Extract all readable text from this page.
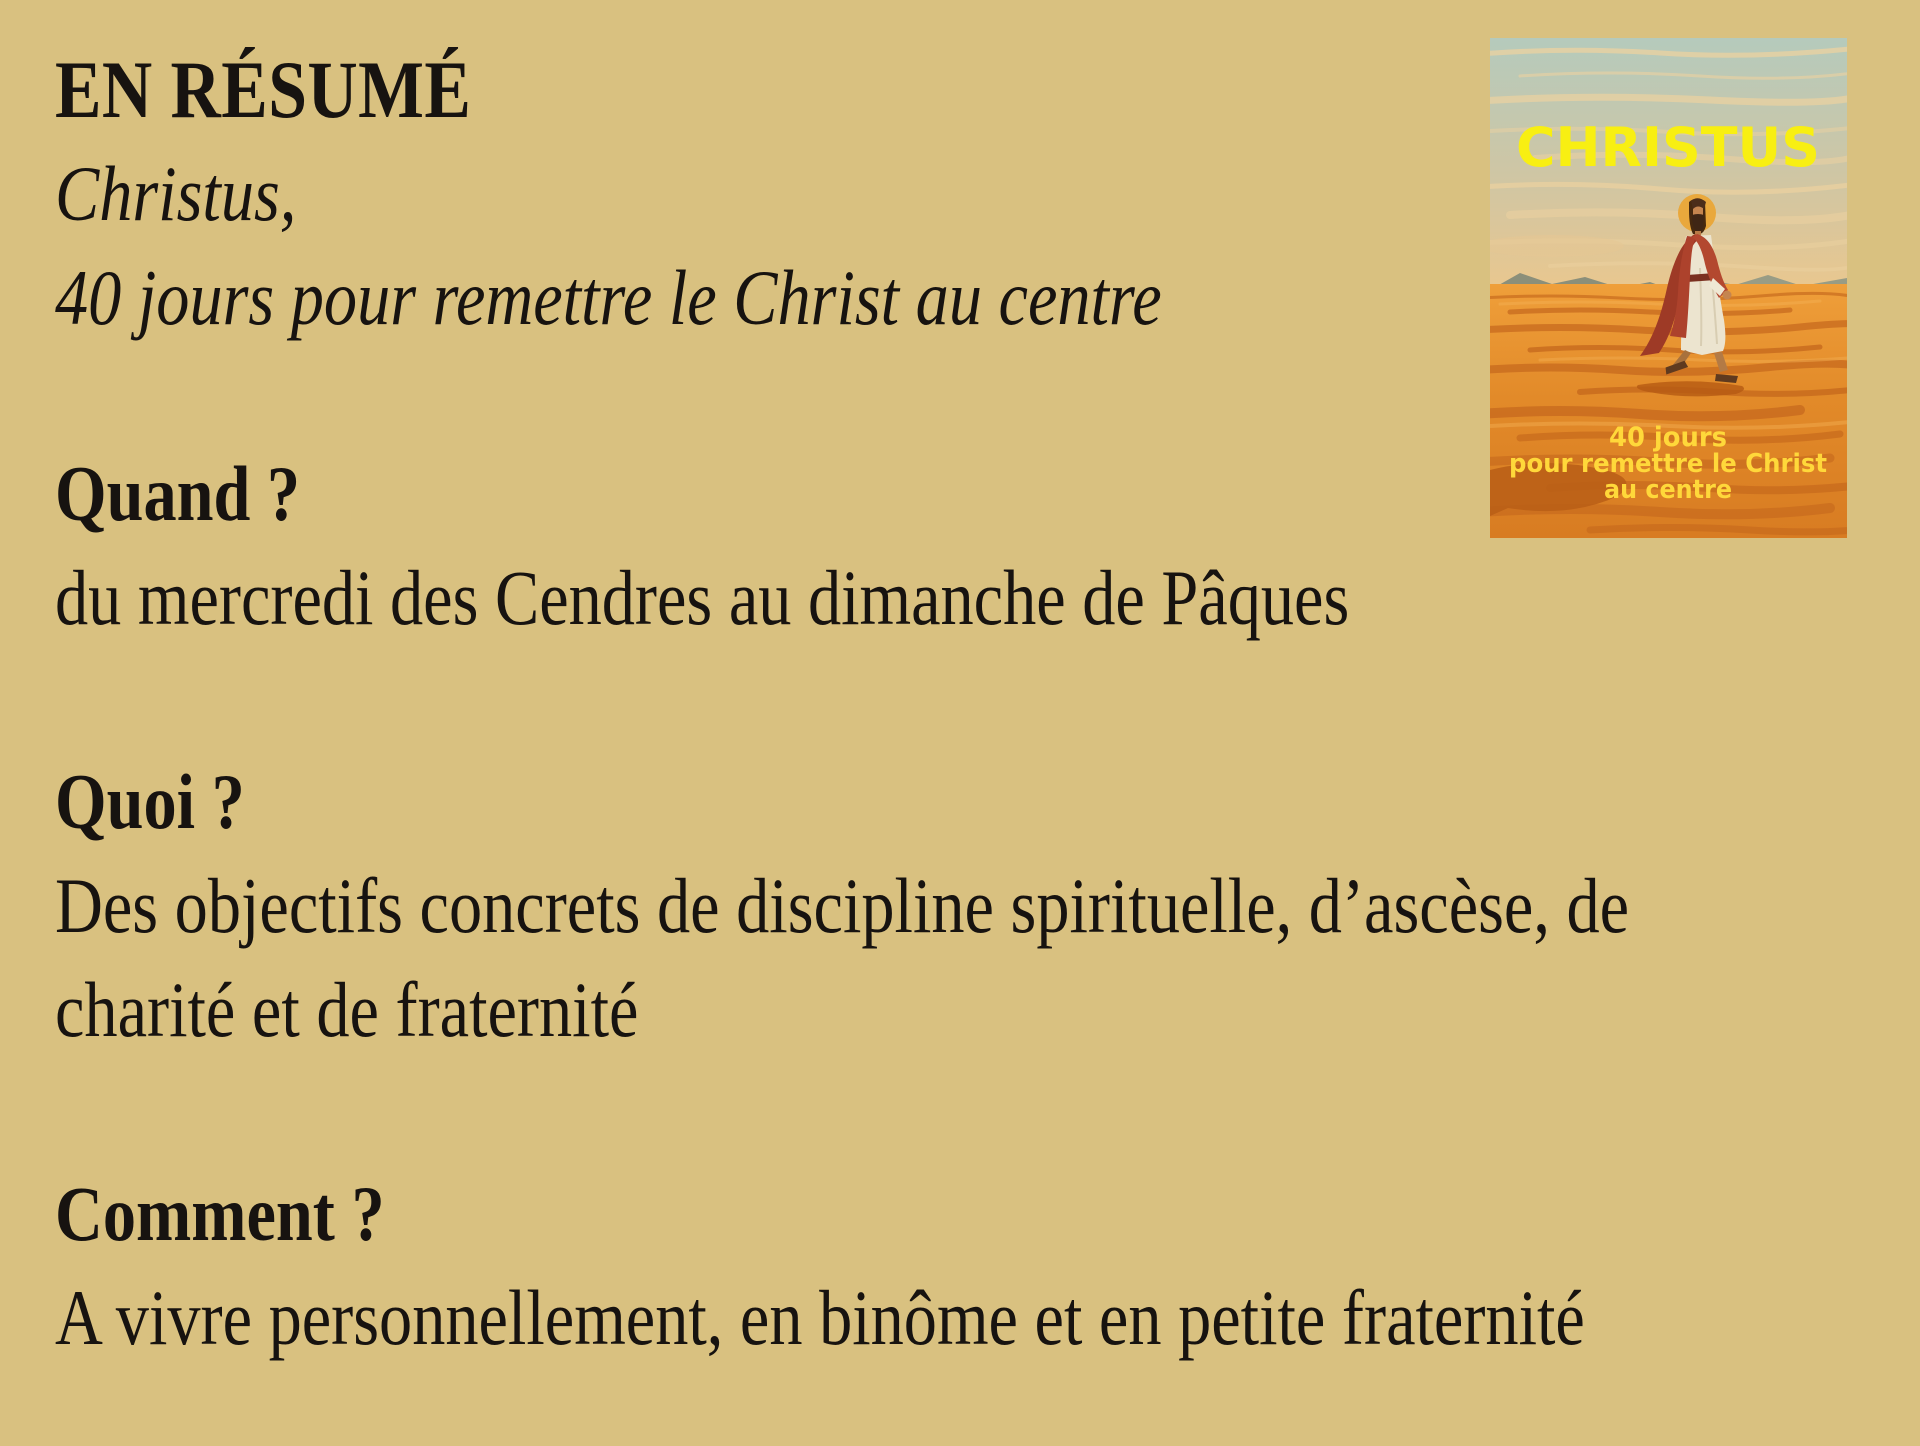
EN RÉSUMÉ
Christus,
40 jours pour remettre le Christ au centre
Quand ?
du mercredi des Cendres au dimanche de Pâques
Quoi ?
Des objectifs concrets de discipline spirituelle, d’ascèse, de
charité et de fraternité
Comment ?
A vivre personnellement, en binôme et en petite fraternité
CHRISTUS
40 jours
pour remettre le Christ
au centre
